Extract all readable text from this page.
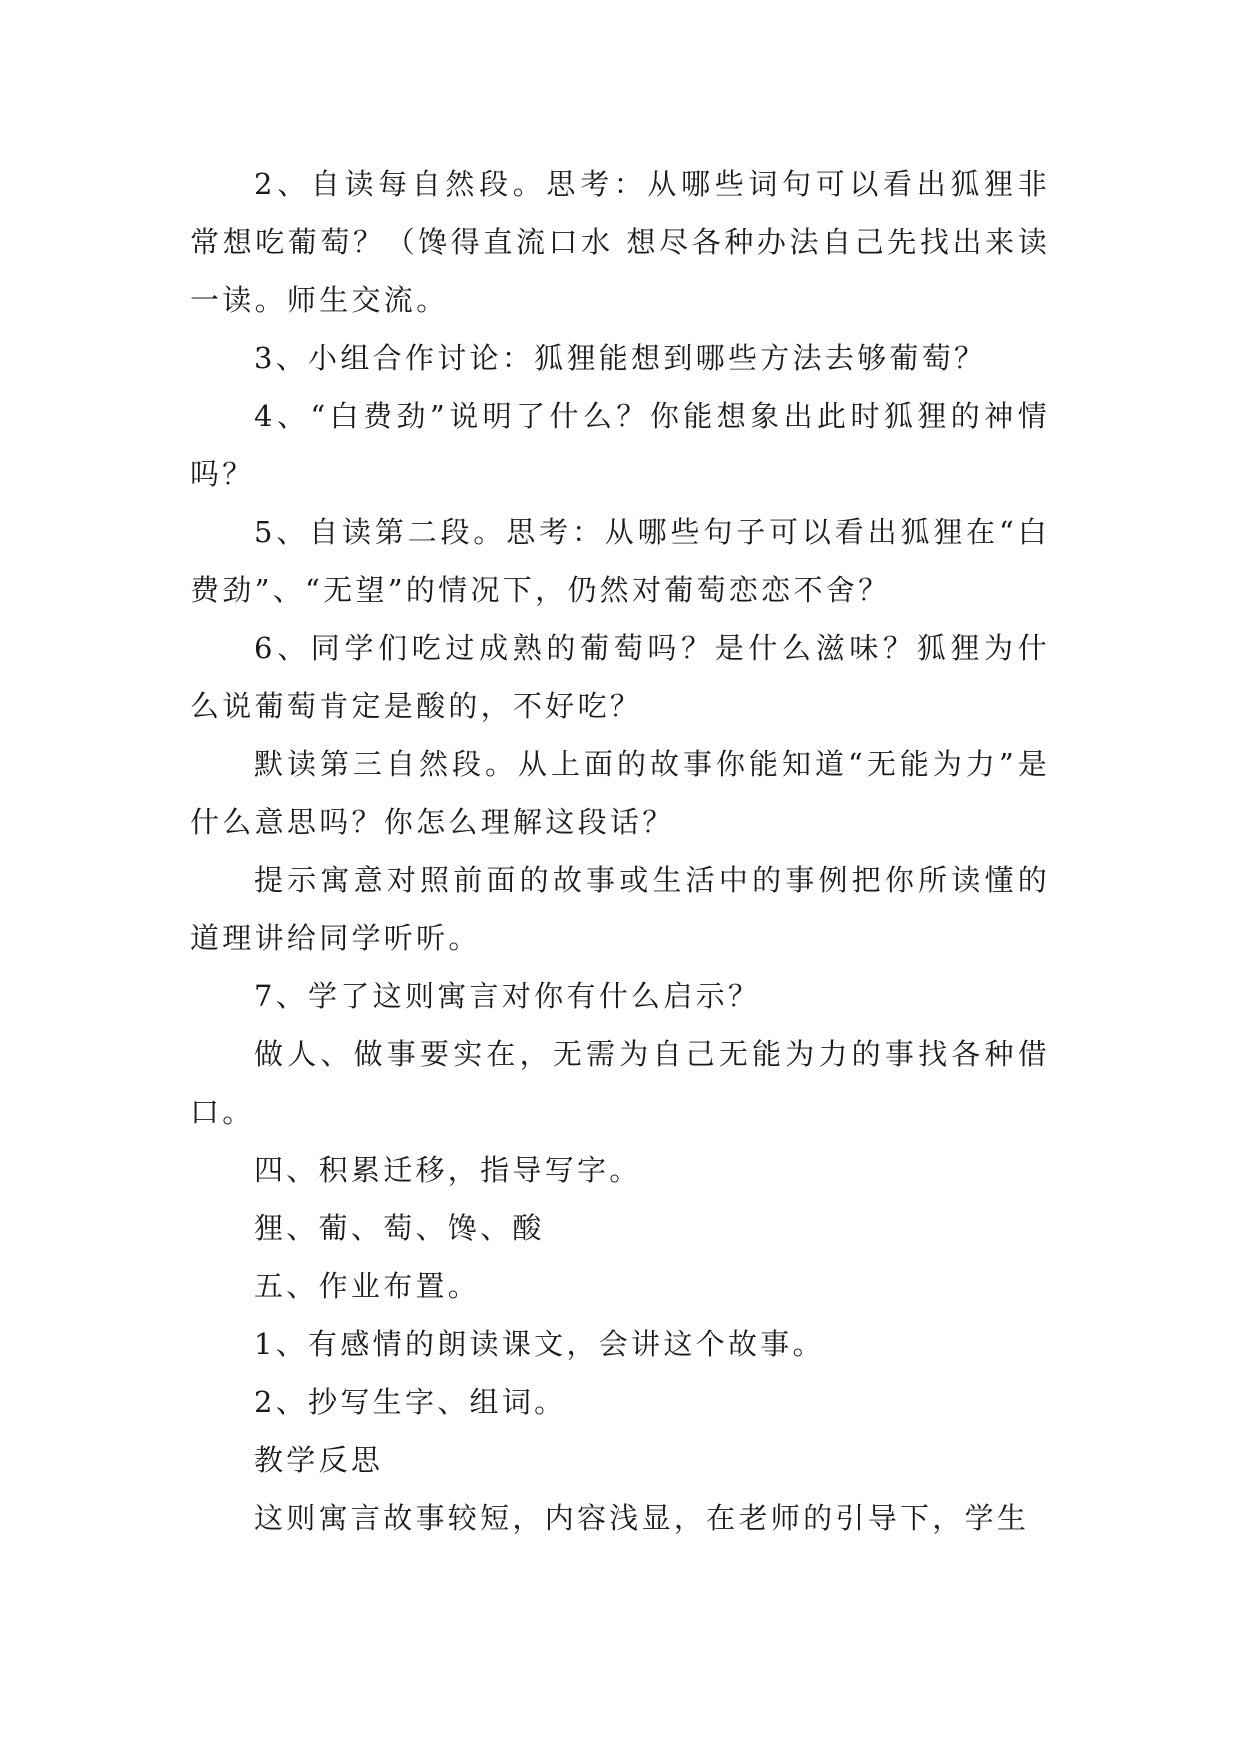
2、自读每自然段。思考：从哪些词句可以看出狐狸非常想吃葡萄？（馋得直流口水 想尽各种办法自己先找出来读一读。师生交流。

3、小组合作讨论：狐狸能想到哪些方法去够葡萄？

4、“白费劲”说明了什么？你能想象出此时狐狸的神情吗？

5、自读第二段。思考：从哪些句子可以看出狐狸在“白费劲”、“无望”的情况下，仍然对葡萄恋恋不舍？

6、同学们吃过成熟的葡萄吗？是什么滋味？狐狸为什么说葡萄肯定是酸的，不好吃？

默读第三自然段。从上面的故事你能知道“无能为力”是什么意思吗？你怎么理解这段话？

提示寓意对照前面的故事或生活中的事例把你所读懂的道理讲给同学听听。

7、学了这则寓言对你有什么启示？

做人、做事要实在，无需为自己无能为力的事找各种借口。

四、积累迁移，指导写字。

狸、葡、萄、馋、酸

五、作业布置。

1、有感情的朗读课文，会讲这个故事。

2、抄写生字、组词。

教学反思

这则寓言故事较短，内容浅显，在老师的引导下，学生
